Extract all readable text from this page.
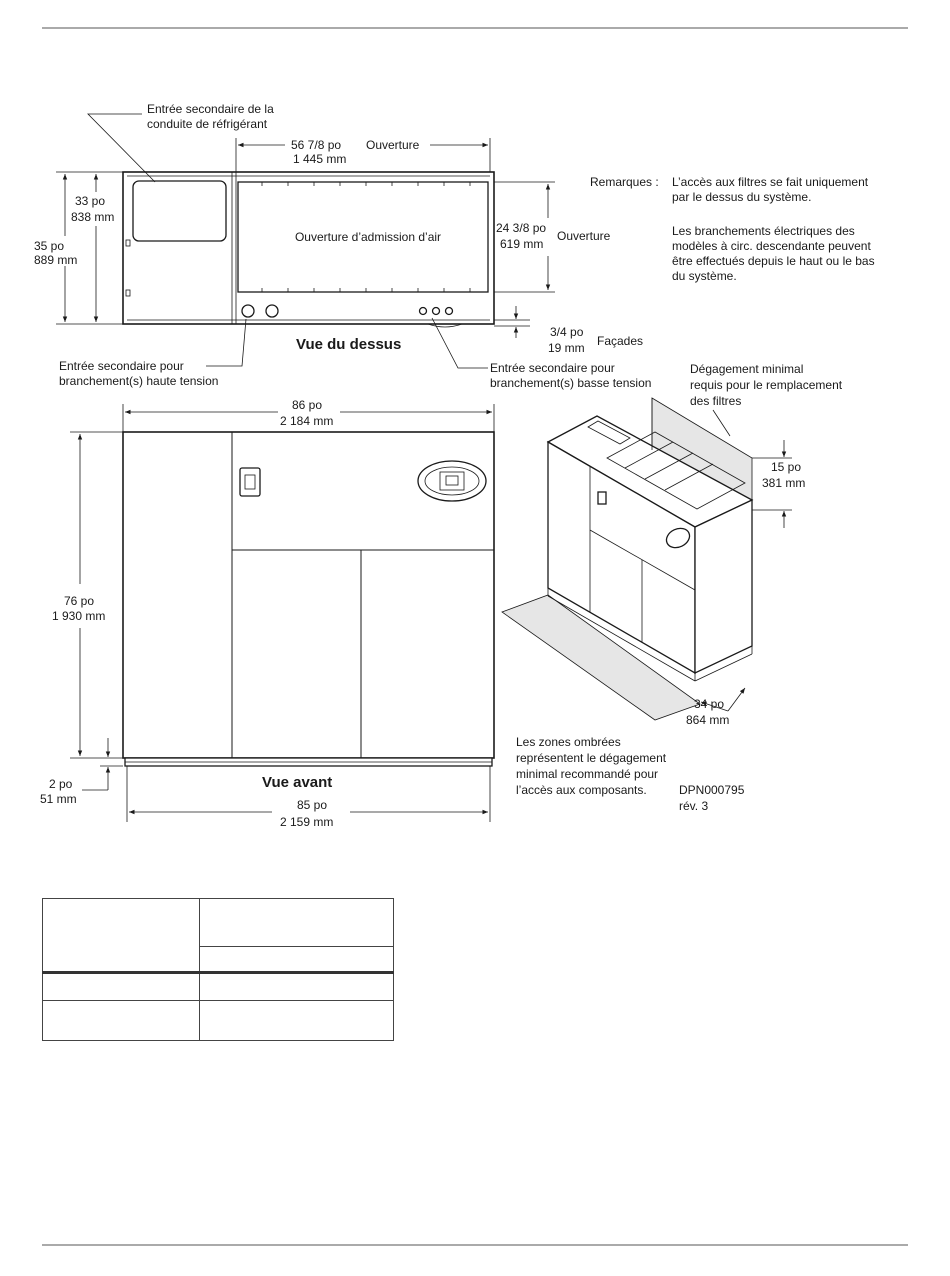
Ouverture d’admission d’air
56 7/8 po Ouverture
1 445 mm
Entrée secondaire de la
conduite de réfrigérant
35 po
889 mm
33 po
838 mm
24 3/8 po
619 mm
Ouverture
3/4 po
19 mm Façades
Vue du dessus
Entrée secondaire pour
branchement(s) haute tension
Entrée secondaire pour
branchement(s) basse tension
Remarques : L’accès aux filtres se fait uniquement
par le dessus du système.
Les branchements électriques des
modèles à circ. descendante peuvent
être effectués depuis le haut ou le bas
du système.
86 po
2 184 mm
76 po
1 930 mm
2 po
51 mm
Vue avant
85 po
2 159 mm
Dégagement minimal
requis pour le remplacement
des filtres
15 po
381 mm
34 po
864 mm
Les zones ombrées
représentent le dégagement
minimal recommandé pour
l’accès aux composants.	DPN000795
rév. 3
